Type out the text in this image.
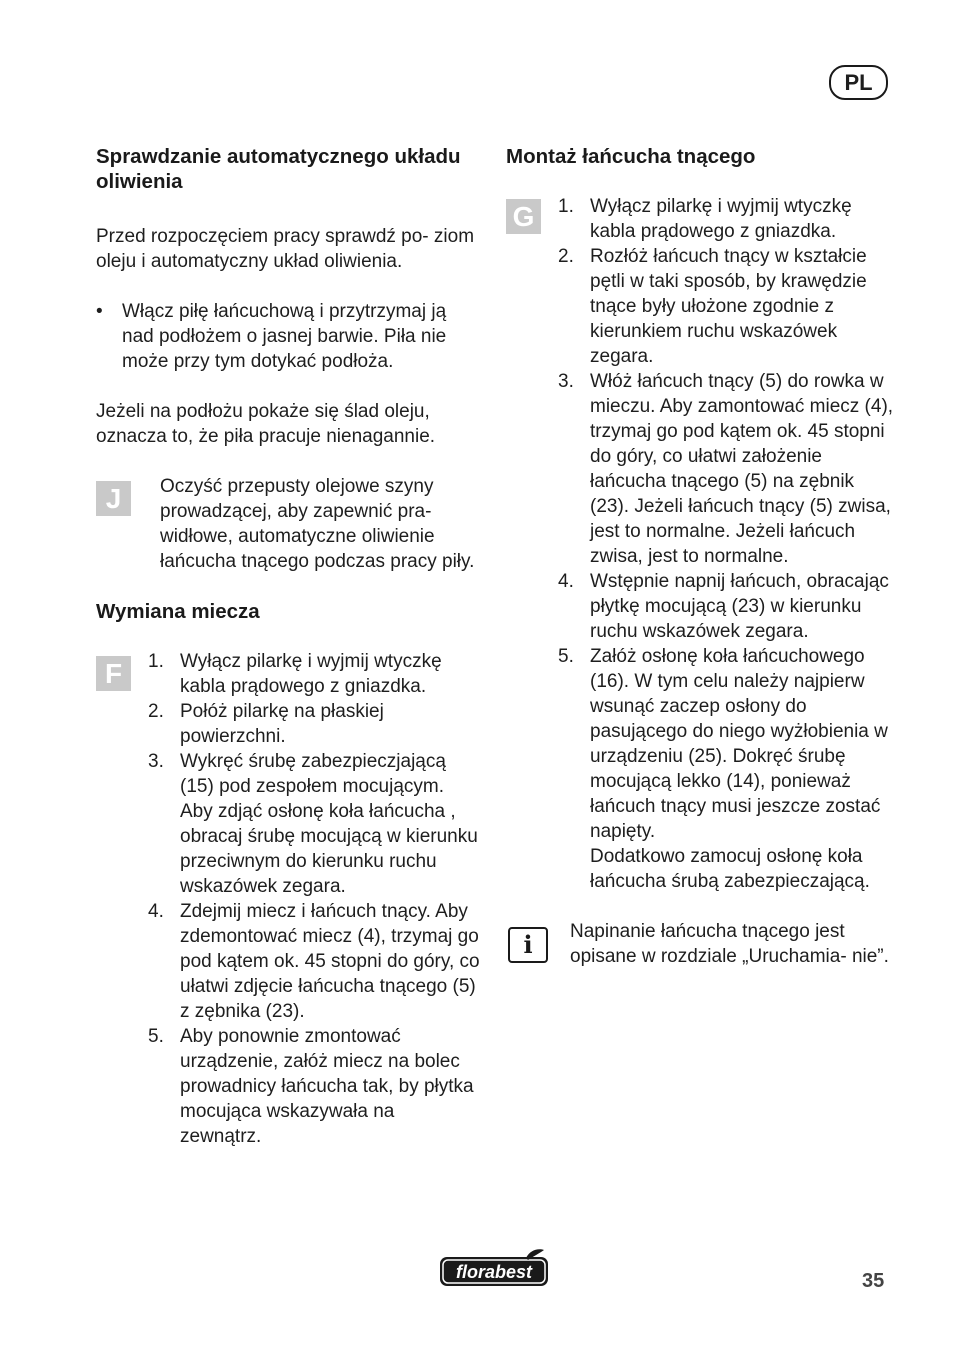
PL
Sprawdzanie automatycznego układu oliwienia

Przed rozpoczęciem pracy sprawdź po- ziom oleju i automatyczny układ oliwienia.

•	Włącz piłę łańcuchową i przytrzymaj ją nad podłożem o jasnej barwie. Piła nie może przy tym dotykać podłoża.

Jeżeli na podłożu pokaże się ślad oleju, oznacza to, że piła pracuje nienagannie.

J	Oczyść przepusty olejowe szyny prowadzącej, aby zapewnić pra- widłowe, automatyczne oliwienie łańcucha tnącego podczas pracy piły.

Wymiana miecza
F	1. Wyłącz pilarkę i wyjmij wtyczkę kabla prądowego z gniazdka.
2. Połóż pilarkę na płaskiej powierzchni.
3. Wykręć śrubę zabezpieczjającą (15) pod zespołem mocującym. Aby zdjąć osłonę koła łańcucha , obracaj śrubę mocującą w kierunku przeciwnym do kierunku ruchu wskazówek zegara.
4. Zdejmij miecz i łańcuch tnący. Aby zdemontować miecz (4), trzymaj go pod kątem ok. 45 stopni do góry, co ułatwi zdjęcie łańcucha tnącego (5) z zębnika (23).
5. Aby ponownie zmontować urządzenie, załóż miecz na bolec prowadnicy łańcucha tak, by płytka mocująca wskazywała na zewnątrz.
Montaż łańcucha tnącego
G	1. Wyłącz pilarkę i wyjmij wtyczkę kabla prądowego z gniazdka.
2. Rozłóż łańcuch tnący w kształcie pętli w taki sposób, by krawędzie tnące były ułożone zgodnie z kierunkiem ruchu wskazówek zegara.
3. Włóż łańcuch tnący (5) do rowka w mieczu. Aby zamontować miecz (4), trzymaj go pod kątem ok. 45 stopni do góry, co ułatwi założenie łańcucha tnącego (5) na zębnik (23). Jeżeli łańcuch tnący (5) zwisa, jest to normalne. Jeżeli łańcuch zwisa, jest to normalne.
4. Wstępnie napnij łańcuch, obracając płytkę mocującą (23) w kierunku ruchu wskazówek zegara.
5. Załóż osłonę koła łańcuchowego (16). W tym celu należy najpierw wsunąć zaczep osłony do pasującego do niego wyżłobienia w urządzeniu (25). Dokręć śrubę mocującą lekko (14), ponieważ łańcuch tnący musi jeszcze zostać napięty.
Dodatkowo zamocuj osłonę koła łańcucha śrubą zabezpieczającą.
i	Napinanie łańcucha tnącego jest opisane w rozdziale „Uruchamia- nie”.

florabest	35
